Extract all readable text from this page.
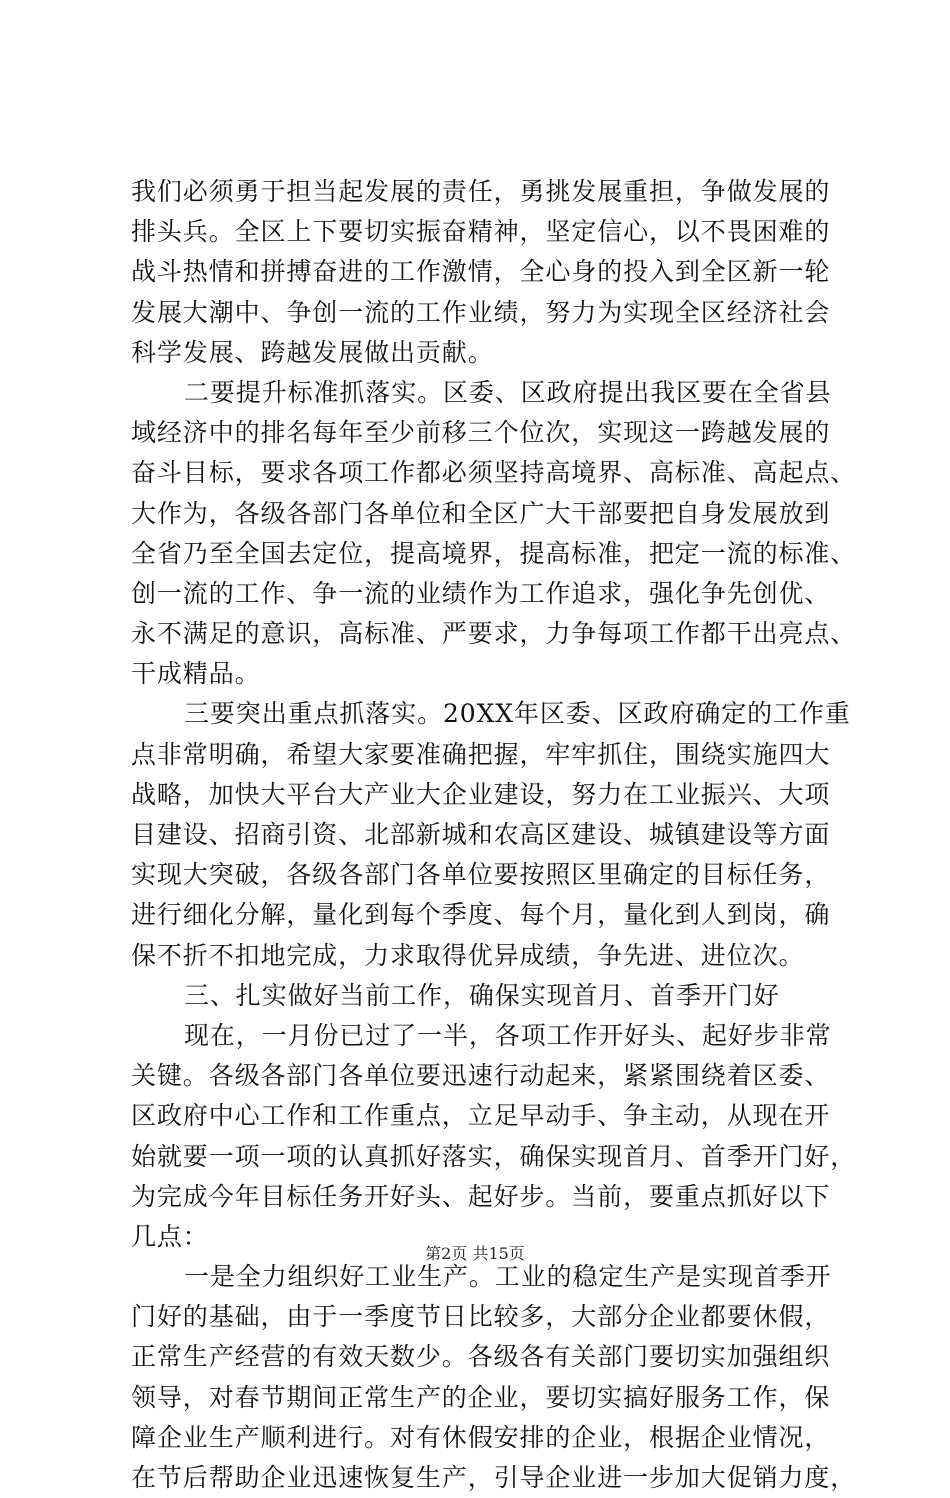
我们必须勇于担当起发展的责任，勇挑发展重担，争做发展的
排头兵。全区上下要切实振奋精神，坚定信心，以不畏困难的
战斗热情和拼搏奋进的工作激情，全心身的投入到全区新一轮
发展大潮中、争创一流的工作业绩，努力为实现全区经济社会
科学发展、跨越发展做出贡献。
二要提升标准抓落实。区委、区政府提出我区要在全省县
域经济中的排名每年至少前移三个位次，实现这一跨越发展的
奋斗目标，要求各项工作都必须坚持高境界、高标准、高起点、
大作为，各级各部门各单位和全区广大干部要把自身发展放到
全省乃至全国去定位，提高境界，提高标准，把定一流的标准、
创一流的工作、争一流的业绩作为工作追求，强化争先创优、
永不满足的意识，高标准、严要求，力争每项工作都干出亮点、
干成精品。
三要突出重点抓落实。20XX年区委、区政府确定的工作重
点非常明确，希望大家要准确把握，牢牢抓住，围绕实施四大
战略，加快大平台大产业大企业建设，努力在工业振兴、大项
目建设、招商引资、北部新城和农高区建设、城镇建设等方面
实现大突破，各级各部门各单位要按照区里确定的目标任务，
进行细化分解，量化到每个季度、每个月，量化到人到岗，确
保不折不扣地完成，力求取得优异成绩，争先进、进位次。
三、扎实做好当前工作，确保实现首月、首季开门好
现在，一月份已过了一半，各项工作开好头、起好步非常
关键。各级各部门各单位要迅速行动起来，紧紧围绕着区委、
区政府中心工作和工作重点，立足早动手、争主动，从现在开
始就要一项一项的认真抓好落实，确保实现首月、首季开门好，
为完成今年目标任务开好头、起好步。当前，要重点抓好以下
几点：
一是全力组织好工业生产。工业的稳定生产是实现首季开
门好的基础，由于一季度节日比较多，大部分企业都要休假，
正常生产经营的有效天数少。各级各有关部门要切实加强组织
领导，对春节期间正常生产的企业，要切实搞好服务工作，保
障企业生产顺利进行。对有休假安排的企业，根据企业情况，
在节后帮助企业迅速恢复生产，引导企业进一步加大促销力度，
第2页 共15页
